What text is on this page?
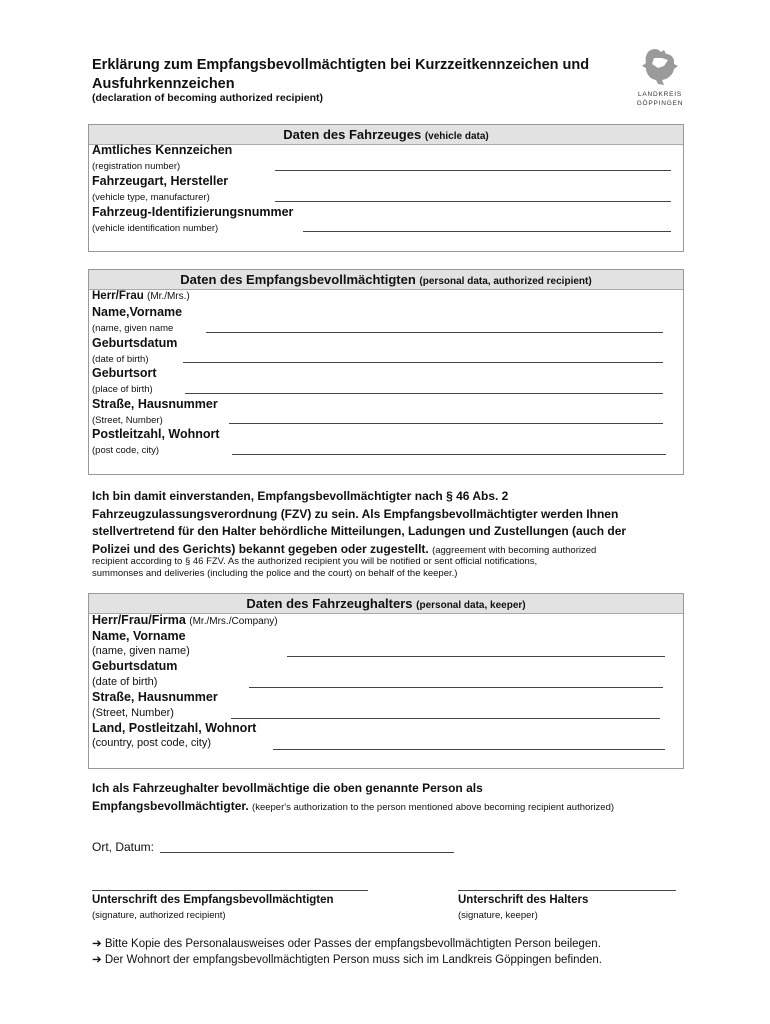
Erklärung zum Empfangsbevollmächtigten bei Kurzzeitkennzeichen und Ausfuhrkennzeichen
(declaration of becoming authorized recipient)	LANDKREIS
GÖPPINGEN
Daten des Fahrzeuges (vehicle data)
Amtliches Kennzeichen
(registration number)
Fahrzeugart, Hersteller
(vehicle type, manufacturer)
Fahrzeug-Identifizierungsnummer
(vehicle identification number)
Daten des Empfangsbevollmächtigten (personal data, authorized recipient)
Herr/Frau (Mr./Mrs.)
Name,Vorname
(name, given name
Geburtsdatum
(date of birth)
Geburtsort
(place of birth)
Straße, Hausnummer
(Street, Number)
Postleitzahl, Wohnort
(post code, city)
Ich bin damit einverstanden, Empfangsbevollmächtigter nach § 46 Abs. 2
Fahrzeugzulassungsverordnung (FZV) zu sein. Als Empfangsbevollmächtigter werden Ihnen
stellvertretend für den Halter behördliche Mitteilungen, Ladungen und Zustellungen (auch der
Polizei und des Gerichts) bekannt gegeben oder zugestellt. (aggreement with becoming authorized
recipient according to § 46 FZV. As the authorized recipient you will be notified or sent official notifications,
summonses and deliveries (including the police and the court) on behalf of the keeper.)
Daten des Fahrzeughalters (personal data, keeper)
Herr/Frau/Firma (Mr./Mrs./Company)
Name, Vorname
(name, given name)
Geburtsdatum
(date of birth)
Straße, Hausnummer
(Street, Number)
Land, Postleitzahl, Wohnort
(country, post code, city)
Ich als Fahrzeughalter bevollmächtige die oben genannte Person als
Empfangsbevollmächtigter. (keeper's authorization to the person mentioned above becoming recipient authorized)
Ort, Datum:
Unterschrift des Empfangsbevollmächtigten
(signature, authorized recipient)
Unterschrift des Halters
(signature, keeper)
➔ Bitte Kopie des Personalausweises oder Passes der empfangsbevollmächtigten Person beilegen.
➔ Der Wohnort der empfangsbevollmächtigten Person muss sich im Landkreis Göppingen befinden.
